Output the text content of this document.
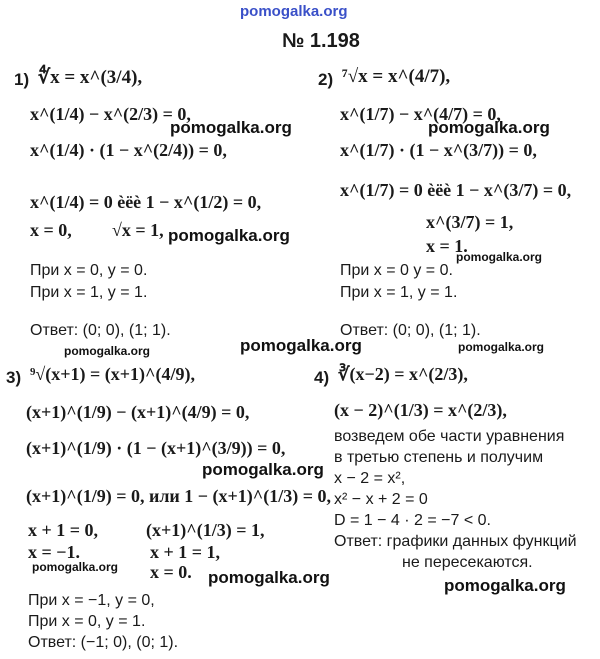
pomogalka.org
№ 1.198
1) ∜x = x^(3/4),
x^(1/4) − x^(2/3) = 0,
x^(1/4) · (1 − x^(2/4)) = 0,
x^(1/4) = 0 èëè 1 − x^(1/2) = 0,
x = 0, √x = 1,
При x = 0, y = 0.
При x = 1, y = 1.
Ответ: (0; 0), (1; 1).
2) ⁷√x = x^(4/7),
x^(1/7) − x^(4/7) = 0,
x^(1/7) · (1 − x^(3/7)) = 0,
x^(1/7) = 0 èëè 1 − x^(3/7) = 0,
x^(3/7) = 1,
x = 1.
При x = 0 y = 0.
При x = 1, y = 1.
Ответ: (0; 0), (1; 1).
3) ⁹√(x+1) = (x+1)^(4/9),
(x+1)^(1/9) − (x+1)^(4/9) = 0,
(x+1)^(1/9) · (1 − (x+1)^(3/9)) = 0,
(x+1)^(1/9) = 0, или 1 − (x+1)^(1/3) = 0,
x + 1 = 0,	(x+1)^(1/3) = 1,
x = −1.	x + 1 = 1,
x = 0.
При x = −1, y = 0,
При x = 0, y = 1.
Ответ: (−1; 0), (0; 1).
4) ∛(x−2) = x^(2/3),
(x − 2)^(1/3) = x^(2/3),
возведем обе части уравнения
в третью степень и получим
x − 2 = x²,
x² − x + 2 = 0
D = 1 − 4 · 2 = −7 < 0.
Ответ: графики данных функций
не пересекаются.
pomogalka.org	pomogalka.org
pomogalka.org
pomogalka.org
pomogalka.org	pomogalka.org	pomogalka.org
pomogalka.org
pomogalka.org
pomogalka.org	pomogalka.org
